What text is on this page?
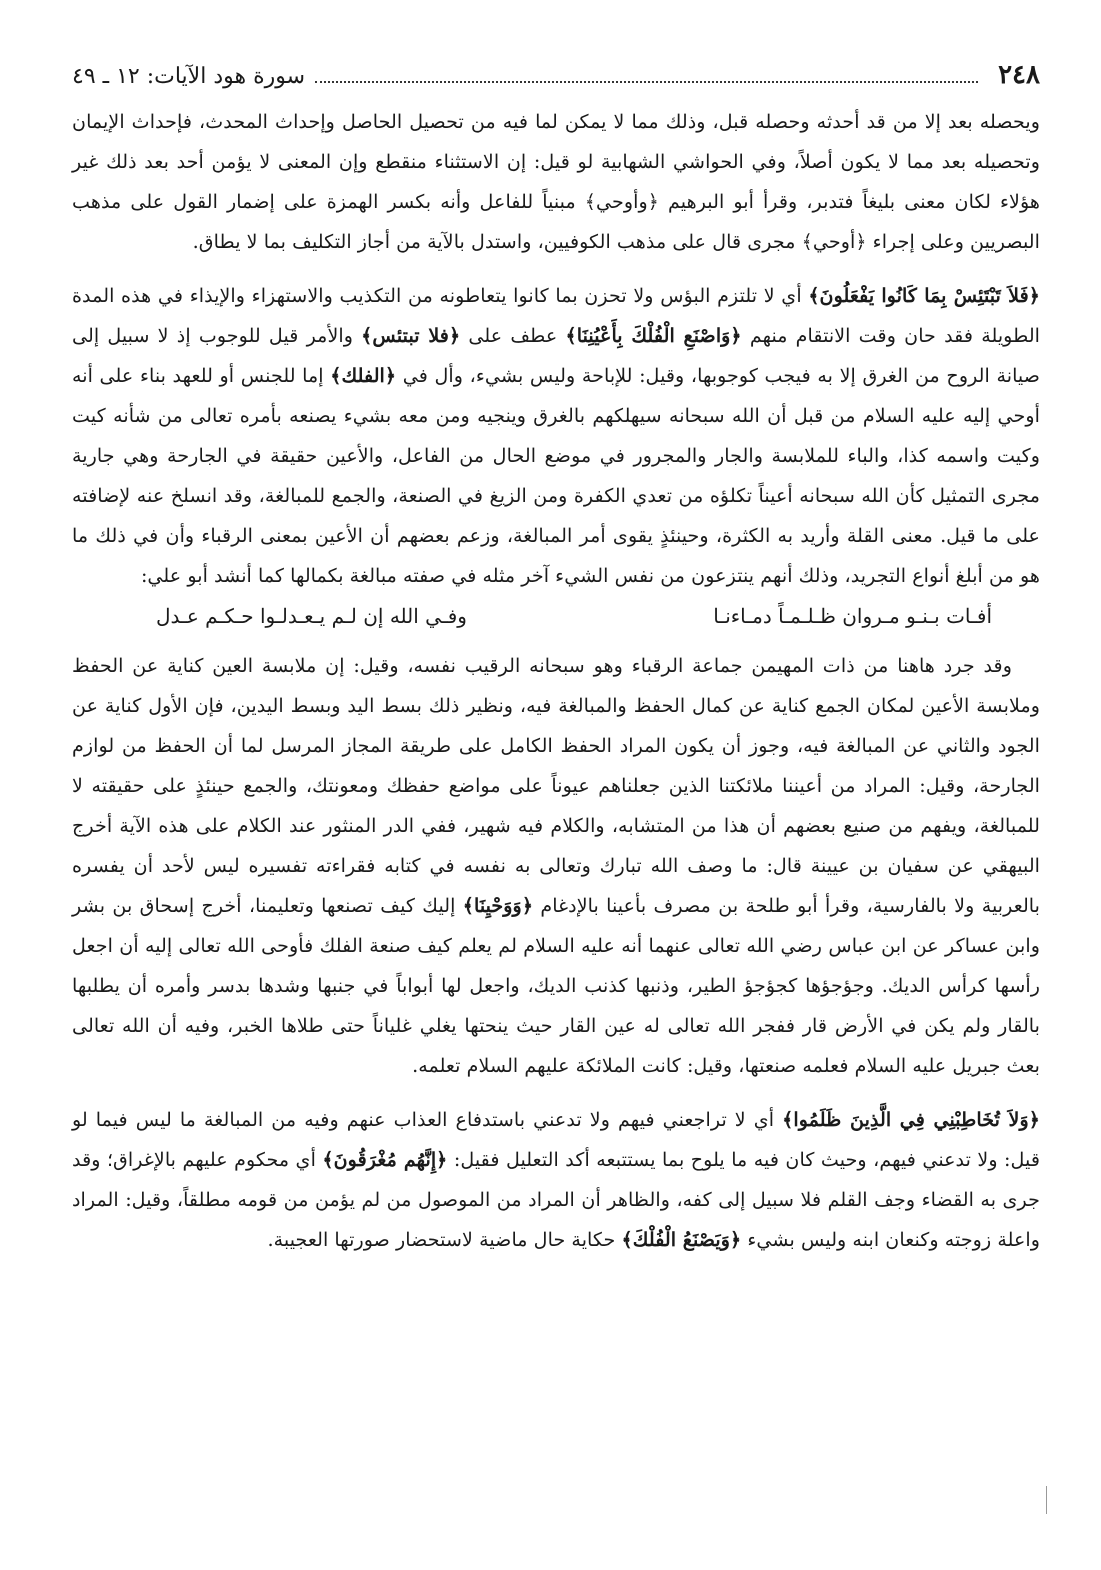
٢٤٨
سورة هود الآيات: ١٢ ـ ٤٩

ويحصله بعد إلا من قد أحدثه وحصله قبل، وذلك مما لا يمكن لما فيه من تحصيل الحاصل وإحداث المحدث، فإحداث الإيمان وتحصيله بعد مما لا يكون أصلاً، وفي الحواشي الشهابية لو قيل: إن الاستثناء منقطع وإن المعنى لا يؤمن أحد بعد ذلك غير هؤلاء لكان معنى بليغاً فتدبر، وقرأ أبو البرهيم ﴿وأوحي﴾ مبنياً للفاعل وأنه بكسر الهمزة على إضمار القول على مذهب البصريين وعلى إجراء ﴿أوحي﴾ مجرى قال على مذهب الكوفيين، واستدل بالآية من أجاز التكليف بما لا يطاق.

﴿فَلاَ تَبْتَئِسْ بِمَا كَانُوا يَفْعَلُونَ﴾ أي لا تلتزم البؤس ولا تحزن بما كانوا يتعاطونه من التكذيب والاستهزاء والإيذاء في هذه المدة الطويلة فقد حان وقت الانتقام منهم ﴿وَاصْنَعِ الْفُلْكَ بِأَعْيُنِنَا﴾ عطف على ﴿فلا تبتئس﴾ والأمر قيل للوجوب إذ لا سبيل إلى صيانة الروح من الغرق إلا به فيجب كوجوبها، وقيل: للإباحة وليس بشيء، وأل في ﴿الفلك﴾ إما للجنس أو للعهد بناء على أنه أوحي إليه عليه السلام من قبل أن الله سبحانه سيهلكهم بالغرق وينجيه ومن معه بشيء يصنعه بأمره تعالى من شأنه كيت وكيت واسمه كذا، والباء للملابسة والجار والمجرور في موضع الحال من الفاعل، والأعين حقيقة في الجارحة وهي جارية مجرى التمثيل كأن الله سبحانه أعيناً تكلؤه من تعدي الكفرة ومن الزيغ في الصنعة، والجمع للمبالغة، وقد انسلخ عنه لإضافته على ما قيل. معنى القلة وأريد به الكثرة، وحينئذٍ يقوى أمر المبالغة، وزعم بعضهم أن الأعين بمعنى الرقباء وأن في ذلك ما هو من أبلغ أنواع التجريد، وذلك أنهم ينتزعون من نفس الشيء آخر مثله في صفته مبالغة بكمالها كما أنشد أبو علي:

أفـات بـنـو مـروان ظـلـمـاً دمـاءنـا
وفـي الله إن لـم يـعـدلـوا حـكـم عـدل

وقد جرد هاهنا من ذات المهيمن جماعة الرقباء وهو سبحانه الرقيب نفسه، وقيل: إن ملابسة العين كناية عن الحفظ وملابسة الأعين لمكان الجمع كناية عن كمال الحفظ والمبالغة فيه، ونظير ذلك بسط اليد وبسط اليدين، فإن الأول كناية عن الجود والثاني عن المبالغة فيه، وجوز أن يكون المراد الحفظ الكامل على طريقة المجاز المرسل لما أن الحفظ من لوازم الجارحة، وقيل: المراد من أعيننا ملائكتنا الذين جعلناهم عيوناً على مواضع حفظك ومعونتك، والجمع حينئذٍ على حقيقته لا للمبالغة، ويفهم من صنيع بعضهم أن هذا من المتشابه، والكلام فيه شهير، ففي الدر المنثور عند الكلام على هذه الآية أخرج البيهقي عن سفيان بن عيينة قال: ما وصف الله تبارك وتعالى به نفسه في كتابه فقراءته تفسيره ليس لأحد أن يفسره بالعربية ولا بالفارسية، وقرأ أبو طلحة بن مصرف بأعينا بالإدغام ﴿وَوَحْيِنَا﴾ إليك كيف تصنعها وتعليمنا، أخرج إسحاق بن بشر وابن عساكر عن ابن عباس رضي الله تعالى عنهما أنه عليه السلام لم يعلم كيف صنعة الفلك فأوحى الله تعالى إليه أن اجعل رأسها كرأس الديك. وجؤجؤها كجؤجؤ الطير، وذنبها كذنب الديك، واجعل لها أبواباً في جنبها وشدها بدسر وأمره أن يطلبها بالقار ولم يكن في الأرض قار ففجر الله تعالى له عين القار حيث ينحتها يغلي غلياناً حتى طلاها الخبر، وفيه أن الله تعالى بعث جبريل عليه السلام فعلمه صنعتها، وقيل: كانت الملائكة عليهم السلام تعلمه.

﴿وَلاَ تُخَاطِبْنِي فِي الَّذِينَ ظَلَمُوا﴾ أي لا تراجعني فيهم ولا تدعني باستدفاع العذاب عنهم وفيه من المبالغة ما ليس فيما لو قيل: ولا تدعني فيهم، وحيث كان فيه ما يلوح بما يستتبعه أكد التعليل فقيل: ﴿إِنَّهُم مُغْرَقُونَ﴾ أي محكوم عليهم بالإغراق؛ وقد جرى به القضاء وجف القلم فلا سبيل إلى كفه، والظاهر أن المراد من الموصول من لم يؤمن من قومه مطلقاً، وقيل: المراد واعلة زوجته وكنعان ابنه وليس بشيء ﴿وَيَصْنَعُ الْفُلْكَ﴾ حكاية حال ماضية لاستحضار صورتها العجيبة.
